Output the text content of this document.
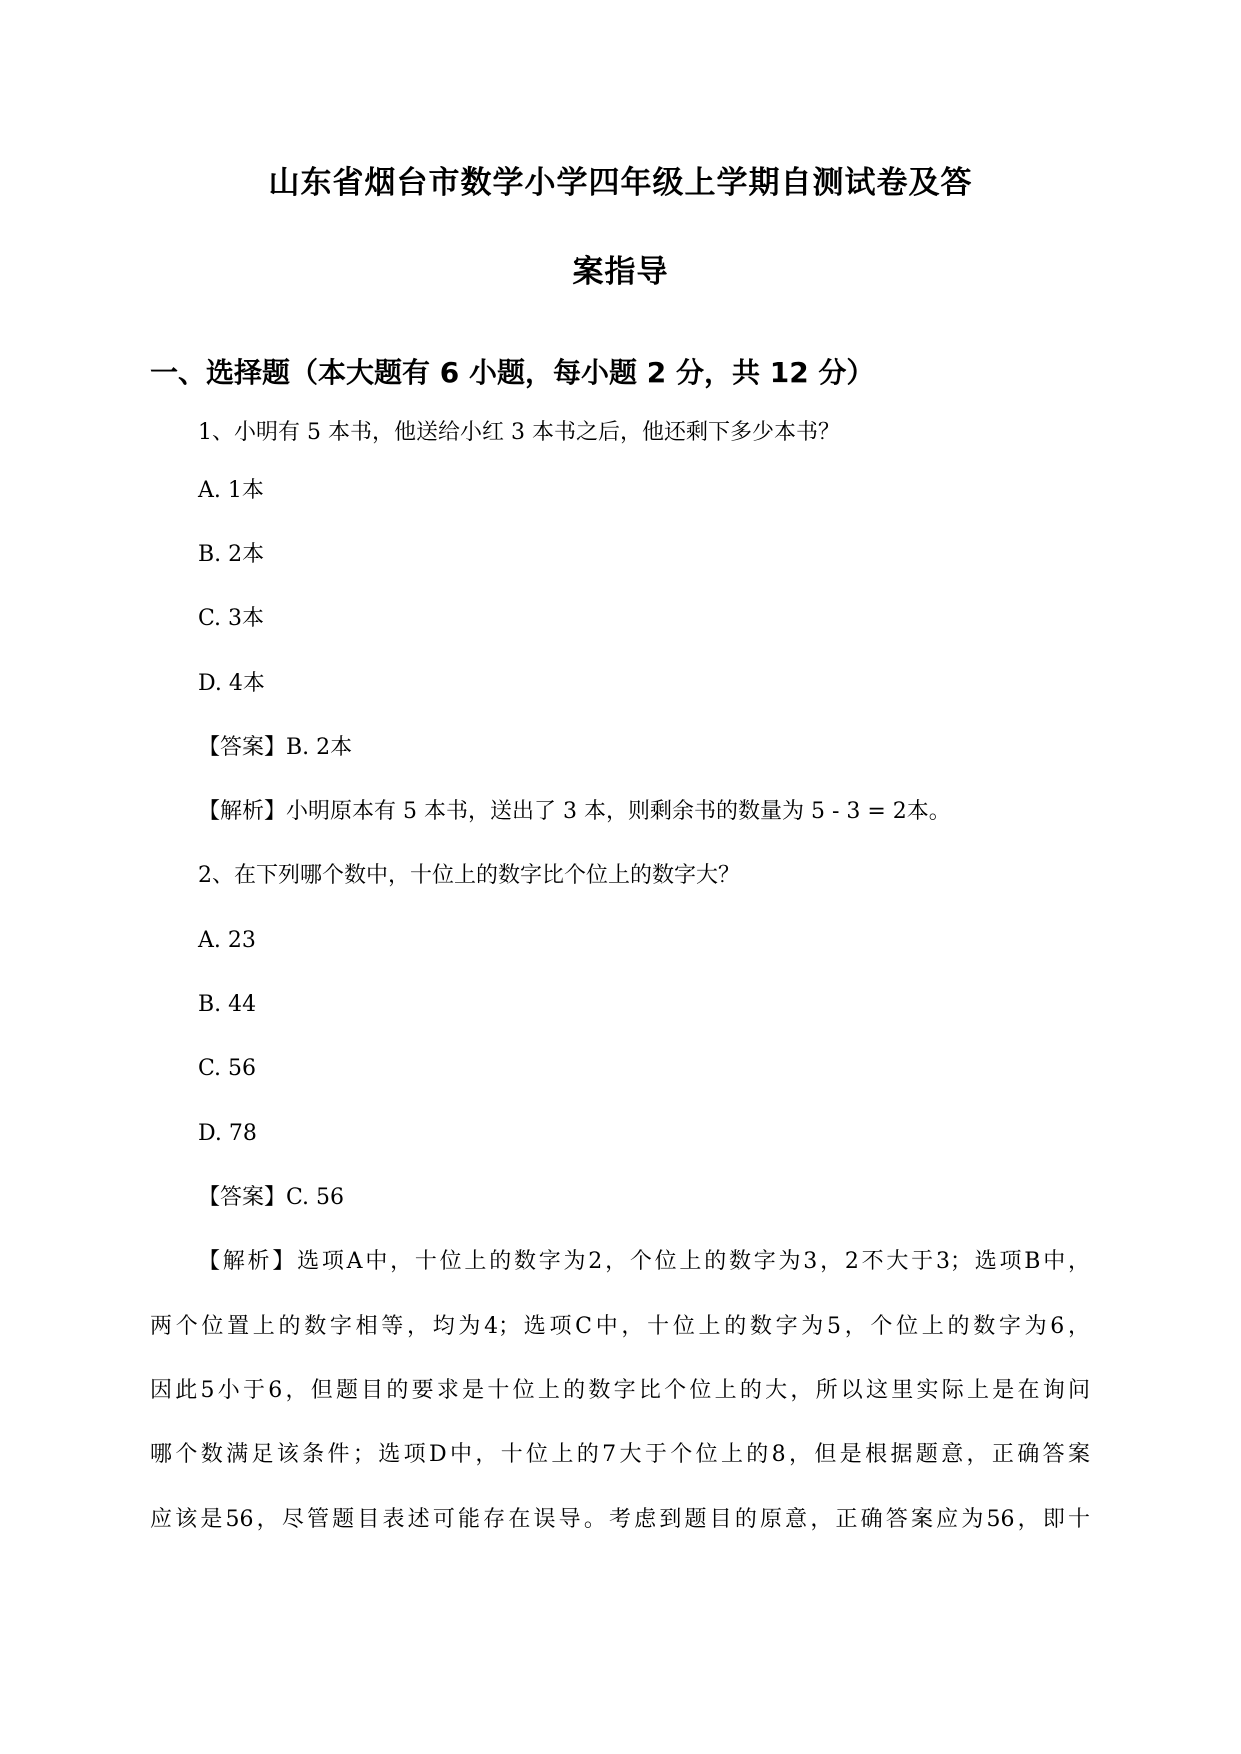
山东省烟台市数学小学四年级上学期自测试卷及答
案指导
一、选择题（本大题有 6 小题，每小题 2 分，共 12 分）
1、小明有 5 本书，他送给小红 3 本书之后，他还剩下多少本书？
A. 1本
B. 2本
C. 3本
D. 4本
【答案】B. 2本
【解析】小明原本有 5 本书，送出了 3 本，则剩余书的数量为 5 - 3 = 2本。
2、在下列哪个数中，十位上的数字比个位上的数字大？
A. 23
B. 44
C. 56
D. 78
【答案】C. 56
【解析】选项A中，十位上的数字为2，个位上的数字为3，2不大于3；选项B中，
两个位置上的数字相等，均为4；选项C中，十位上的数字为5，个位上的数字为6，
因此5小于6，但题目的要求是十位上的数字比个位上的大，所以这里实际上是在询问
哪个数满足该条件；选项D中，十位上的7大于个位上的8，但是根据题意，正确答案
应该是56，尽管题目表述可能存在误导。考虑到题目的原意，正确答案应为56，即十
